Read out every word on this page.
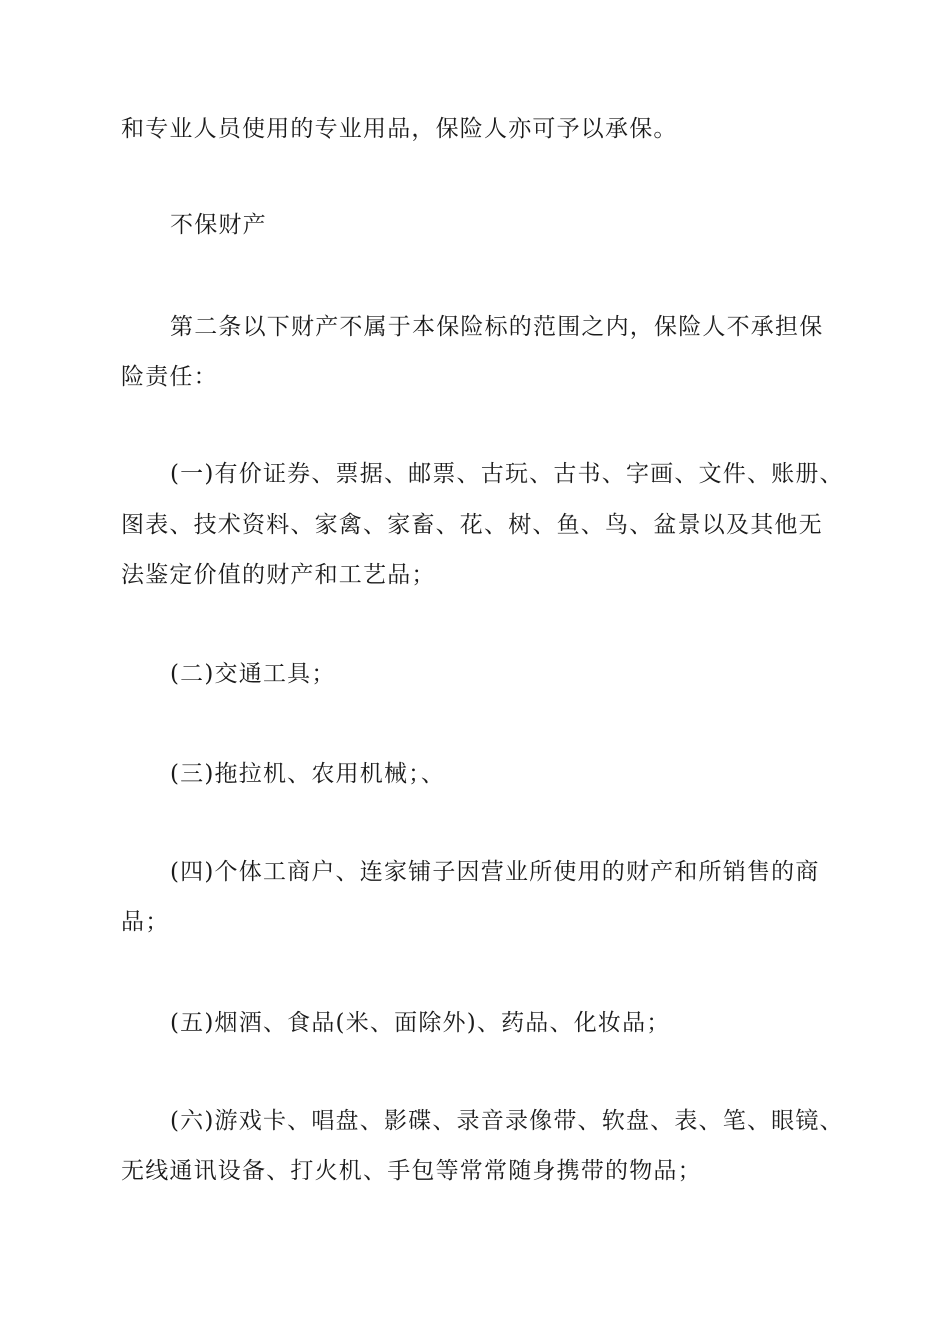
和专业人员使用的专业用品，保险人亦可予以承保。

不保财产

第二条以下财产不属于本保险标的范围之内，保险人不承担保

险责任：

(一)有价证券、票据、邮票、古玩、古书、字画、文件、账册、

图表、技术资料、家禽、家畜、花、树、鱼、鸟、盆景以及其他无

法鉴定价值的财产和工艺品；

(二)交通工具；

(三)拖拉机、农用机械；、

(四)个体工商户、连家铺子因营业所使用的财产和所销售的商

品；

(五)烟酒、食品(米、面除外)、药品、化妆品；

(六)游戏卡、唱盘、影碟、录音录像带、软盘、表、笔、眼镜、

无线通讯设备、打火机、手包等常常随身携带的物品；
